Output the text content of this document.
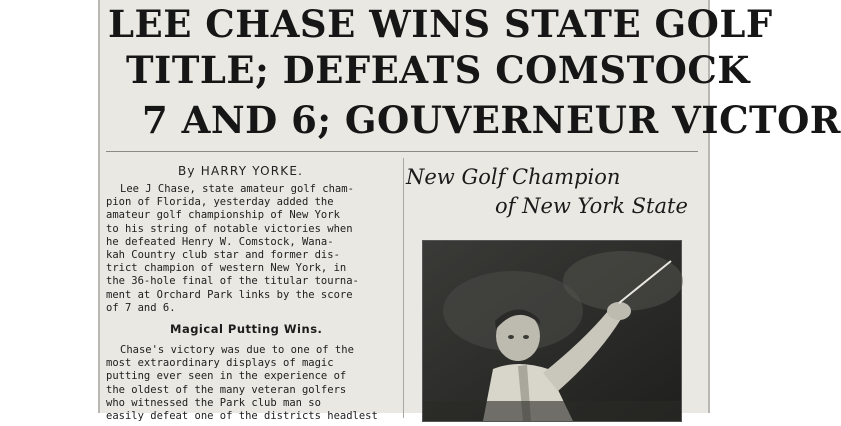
LEE CHASE WINS STATE GOLF
TITLE; DEFEATS COMSTOCK
7 AND 6; GOUVERNEUR VICTOR
By HARRY YORKE.
Lee J Chase, state amateur golf cham-
pion of Florida, yesterday added the
amateur golf championship of New York
to his string of notable victories when
he defeated Henry W. Comstock, Wana-
kah Country club star and former dis-
trict champion of western New York, in
the 36-hole final of the titular tourna-
ment at Orchard Park links by the score
of 7 and 6.
Magical Putting Wins.
Chase's victory was due to one of the
most extraordinary displays of magic
putting ever seen in the experience of
the oldest of the many veteran golfers
who witnessed the Park club man so
easily defeat one of the districts headlest
New Golf Champion
of New York State
